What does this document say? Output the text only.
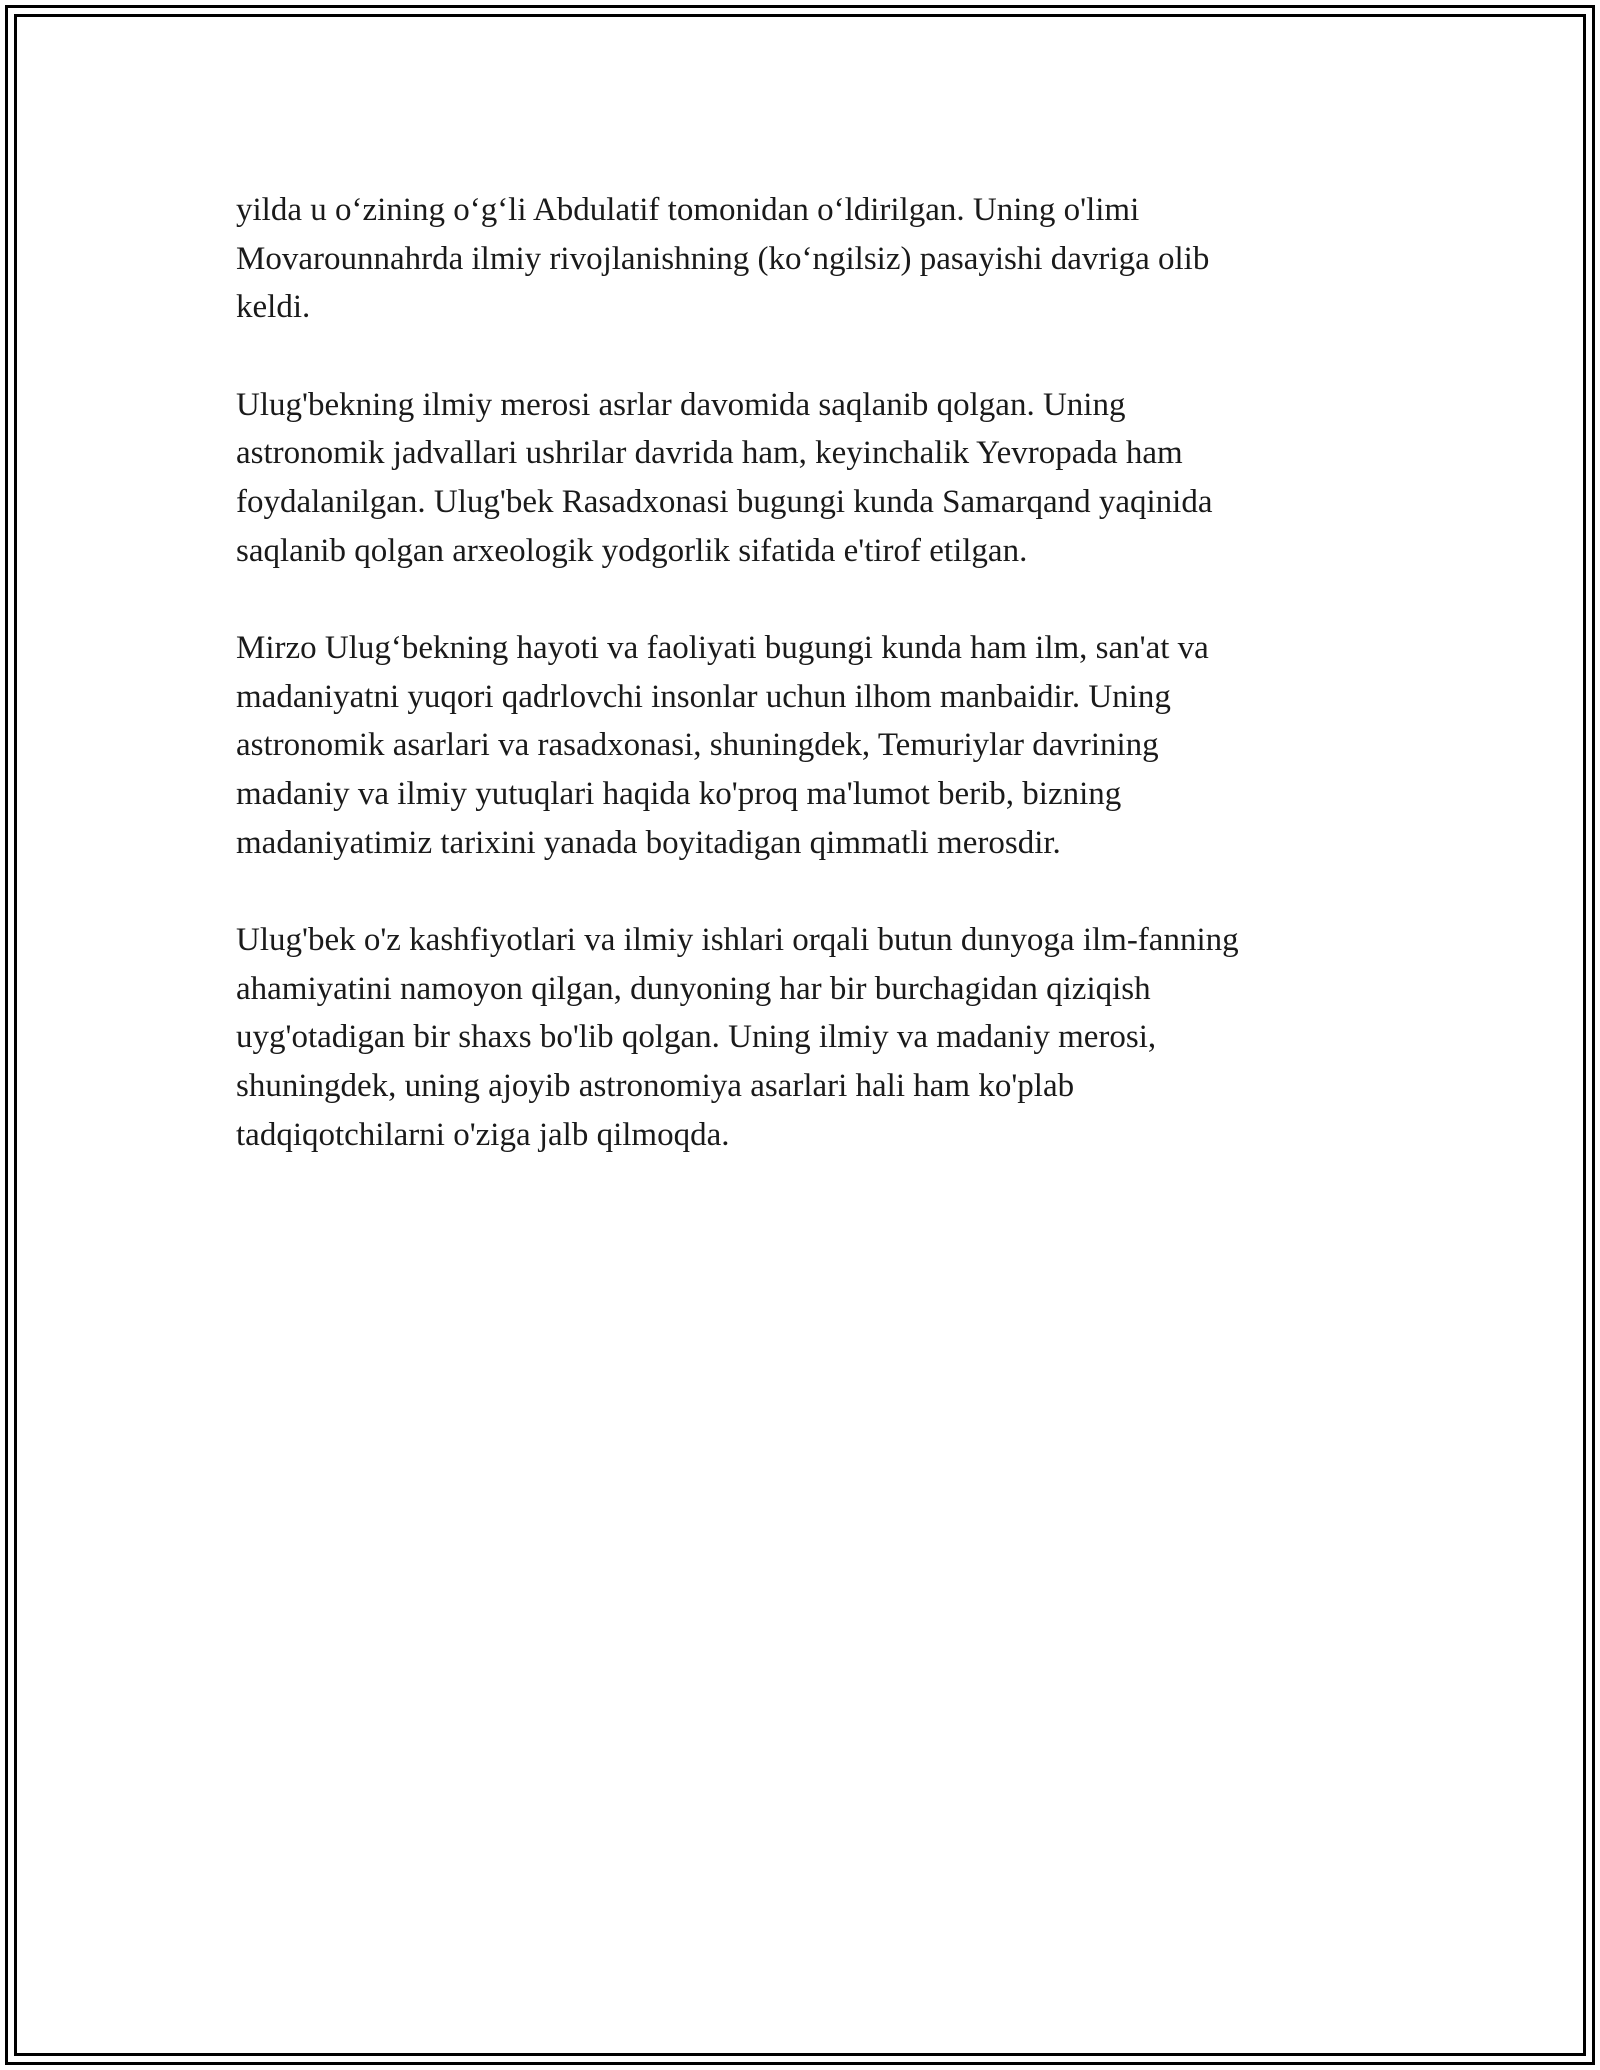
yilda u o‘zining o‘g‘li Abdulatif tomonidan o‘ldirilgan. Uning o'limi
Movarounnahrda ilmiy rivojlanishning (ko‘ngilsiz) pasayishi davriga olib
keldi.

Ulug'bekning ilmiy merosi asrlar davomida saqlanib qolgan. Uning
astronomik jadvallari ushrilar davrida ham, keyinchalik Yevropada ham
foydalanilgan. Ulug'bek Rasadxonasi bugungi kunda Samarqand yaqinida
saqlanib qolgan arxeologik yodgorlik sifatida e'tirof etilgan.

Mirzo Ulug‘bekning hayoti va faoliyati bugungi kunda ham ilm, san'at va
madaniyatni yuqori qadrlovchi insonlar uchun ilhom manbaidir. Uning
astronomik asarlari va rasadxonasi, shuningdek, Temuriylar davrining
madaniy va ilmiy yutuqlari haqida ko'proq ma'lumot berib, bizning
madaniyatimiz tarixini yanada boyitadigan qimmatli merosdir.

Ulug'bek o'z kashfiyotlari va ilmiy ishlari orqali butun dunyoga ilm-fanning
ahamiyatini namoyon qilgan, dunyoning har bir burchagidan qiziqish
uyg'otadigan bir shaxs bo'lib qolgan. Uning ilmiy va madaniy merosi,
shuningdek, uning ajoyib astronomiya asarlari hali ham ko'plab
tadqiqotchilarni o'ziga jalb qilmoqda.
